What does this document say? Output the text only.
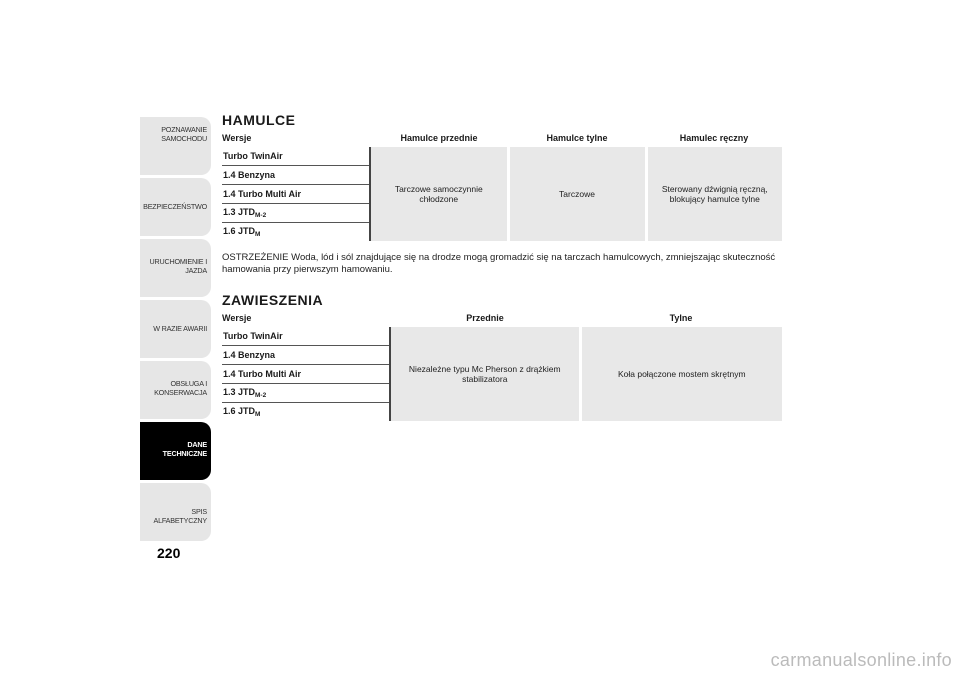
POZNAWANIE
SAMOCHODU
BEZPIECZEŃSTWO
URUCHOMIENIE I
JAZDA
W RAZIE AWARII
OBSŁUGA I
KONSERWACJA
DANE
TECHNICZNE
SPIS ALFABETYCZNY
220
HAMULCE
Wersje	Hamulce przednie	Hamulce tylne	Hamulec ręczny
Turbo TwinAir	Tarczowe samoczynnie chłodzone	Tarczowe	Sterowany dźwignią ręczną, blokujący hamulce tylne
1.4 Benzyna			
1.4 Turbo Multi Air			
1.3 $JTD_{M-2}$
1.6 $JTD_M$
OSTRZEŻENIE Woda, lód i sól znajdujące się na drodze mogą gromadzić się na tarczach hamulcowych, zmniejszając skuteczność hamowania przy pierwszym hamowaniu.
ZAWIESZENIA
Wersje	Przednie	Tylne
Turbo TwinAir	Niezależne typu Mc Pherson z drążkiem stabilizatora	Koła połączone mostem skrętnym
1.4 Benzyna		
1.4 Turbo Multi Air		
1.3 $JTD_{M-2}$
1.6 $JTD_M$
carmanualsonline.info
